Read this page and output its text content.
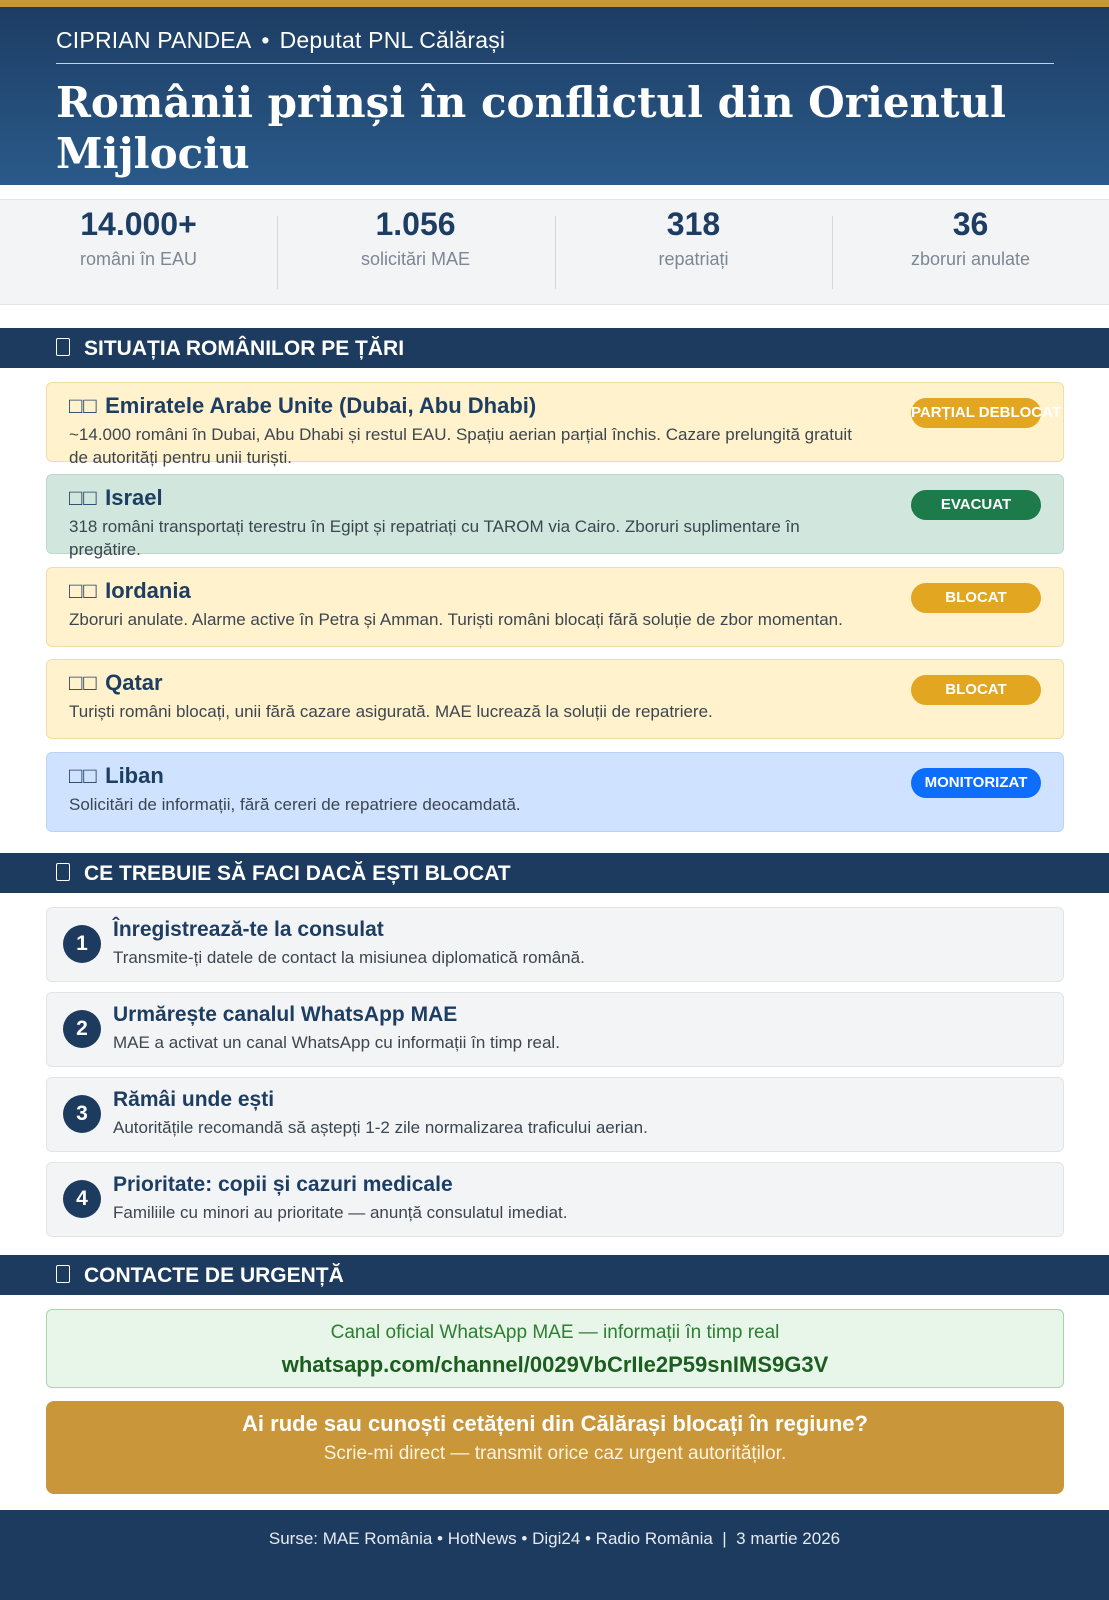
CIPRIAN PANDEA • Deputat PNL Călărași
Românii prinși în conflictul din Orientul Mijlociu
14.000+
români în EAU
1.056
solicitări MAE
318
repatriați
36
zboruri anulate
SITUAȚIA ROMÂNILOR PE ȚĂRI
□□ Emiratele Arabe Unite (Dubai, Abu Dhabi)
~14.000 români în Dubai, Abu Dhabi și restul EAU. Spațiu aerian parțial închis. Cazare prelungită gratuit de autorități pentru unii turiști.
PARȚIAL DEBLOCAT
□□ Israel
318 români transportați terestru în Egipt și repatriați cu TAROM via Cairo. Zboruri suplimentare în pregătire.
EVACUAT
□□ Iordania
Zboruri anulate. Alarme active în Petra și Amman. Turiști români blocați fără soluție de zbor momentan.
BLOCAT
□□ Qatar
Turiști români blocați, unii fără cazare asigurată. MAE lucrează la soluții de repatriere.
BLOCAT
□□ Liban
Solicitări de informații, fără cereri de repatriere deocamdată.
MONITORIZAT
CE TREBUIE SĂ FACI DACĂ EȘTI BLOCAT
1
Înregistrează-te la consulat
Transmite-ți datele de contact la misiunea diplomatică română.
2
Urmărește canalul WhatsApp MAE
MAE a activat un canal WhatsApp cu informații în timp real.
3
Rămâi unde ești
Autoritățile recomandă să aștepți 1-2 zile normalizarea traficului aerian.
4
Prioritate: copii și cazuri medicale
Familiile cu minori au prioritate — anunță consulatul imediat.
CONTACTE DE URGENȚĂ
Canal oficial WhatsApp MAE — informații în timp real
whatsapp.com/channel/0029VbCrIIe2P59snIMS9G3V
Ai rude sau cunoști cetățeni din Călărași blocați în regiune?
Scrie-mi direct — transmit orice caz urgent autorităților.
Surse: MAE România • HotNews • Digi24 • Radio România  |  3 martie 2026
